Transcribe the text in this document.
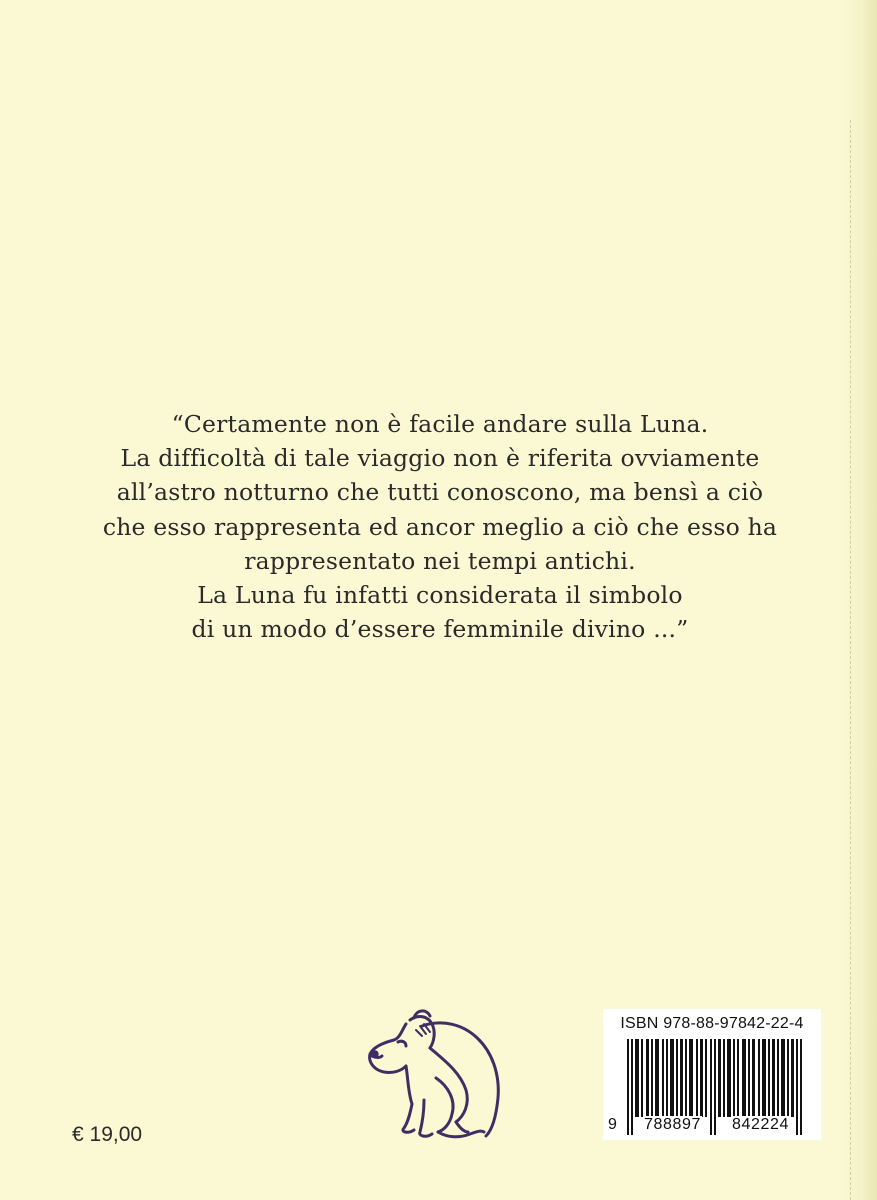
“Certamente non è facile andare sulla Luna.
La difficoltà di tale viaggio non è riferita ovviamente
all’astro notturno che tutti conoscono, ma bensì a ciò
che esso rappresenta ed ancor meglio a ciò che esso ha
rappresentato nei tempi antichi.
La Luna fu infatti considerata il simbolo
di un modo d’essere femminile divino ...”
€ 19,00
ISBN 978-88-97842-22-4
9 788897 842224
